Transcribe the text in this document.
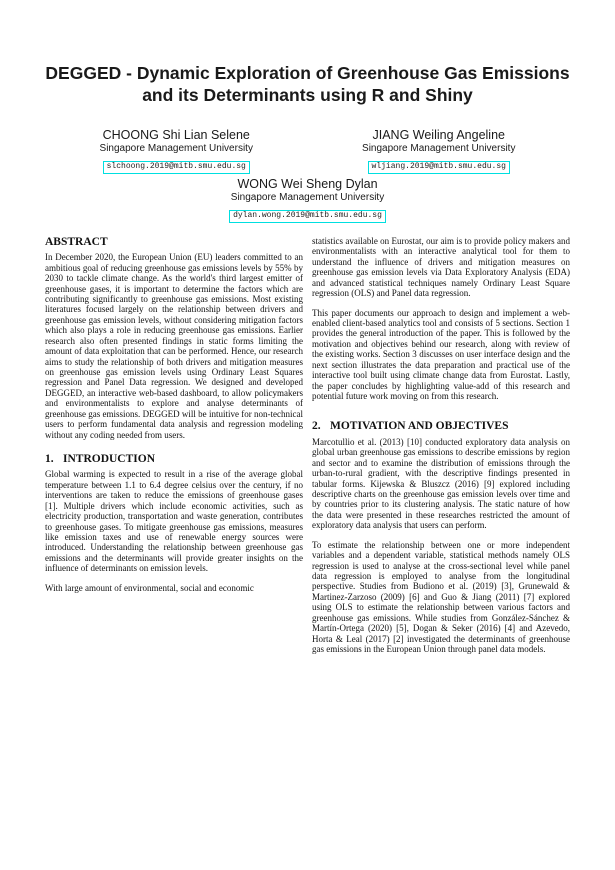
DEGGED - Dynamic Exploration of Greenhouse Gas Emissions and its Determinants using R and Shiny
CHOONG Shi Lian Selene
Singapore Management University
slchoong.2019@mitb.smu.edu.sg
JIANG Weiling Angeline
Singapore Management University
wljiang.2019@mitb.smu.edu.sg
WONG Wei Sheng Dylan
Singapore Management University
dylan.wong.2019@mitb.smu.edu.sg
ABSTRACT

In December 2020, the European Union (EU) leaders committed to an ambitious goal of reducing greenhouse gas emissions levels by 55% by 2030 to tackle climate change. As the world's third largest emitter of greenhouse gases, it is important to determine the factors which are contributing significantly to greenhouse gas emissions. Most existing literatures focused largely on the relationship between drivers and greenhouse gas emission levels, without considering mitigation factors which also plays a role in reducing greenhouse gas emissions. Earlier research also often presented findings in static forms limiting the amount of data exploitation that can be performed. Hence, our research aims to study the relationship of both drivers and mitigation measures on greenhouse gas emission levels using Ordinary Least Squares regression and Panel Data regression. We designed and developed DEGGED, an interactive web-based dashboard, to allow policymakers and environmentalists to explore and analyse determinants of greenhouse gas emissions. DEGGED will be intuitive for non-technical users to perform fundamental data analysis and regression modeling without any coding needed from users.

1. INTRODUCTION

Global warming is expected to result in a rise of the average global temperature between 1.1 to 6.4 degree celsius over the century, if no interventions are taken to reduce the emissions of greenhouse gases [1]. Multiple drivers which include economic activities, such as electricity production, transportation and waste generation, contributes to greenhouse gases. To mitigate greenhouse gas emissions, measures like emission taxes and use of renewable energy sources were introduced. Understanding the relationship between greenhouse gas emissions and the determinants will provide greater insights on the influence of determinants on emission levels.

With large amount of environmental, social and economic

statistics available on Eurostat, our aim is to provide policy makers and environmentalists with an interactive analytical tool for them to understand the influence of drivers and mitigation measures on greenhouse gas emission levels via Data Exploratory Analysis (EDA) and advanced statistical techniques namely Ordinary Least Square regression (OLS) and Panel data regression.

This paper documents our approach to design and implement a web-enabled client-based analytics tool and consists of 5 sections. Section 1 provides the general introduction of the paper. This is followed by the motivation and objectives behind our research, along with review of the existing works. Section 3 discusses on user interface design and the next section illustrates the data preparation and practical use of the interactive tool built using climate change data from Eurostat. Lastly, the paper concludes by highlighting value-add of this research and potential future work moving on from this research.

2. MOTIVATION AND OBJECTIVES

Marcotullio et al. (2013) [10] conducted exploratory data analysis on global urban greenhouse gas emissions to describe emissions by region and sector and to examine the distribution of emissions through the urban-to-rural gradient, with the descriptive findings presented in tabular forms. Kijewska & Bluszcz (2016) [9] explored including descriptive charts on the greenhouse gas emission levels over time and by countries prior to its clustering analysis. The static nature of how the data were presented in these researches restricted the amount of exploratory data analysis that users can perform.

To estimate the relationship between one or more independent variables and a dependent variable, statistical methods namely OLS regression is used to analyse at the cross-sectional level while panel data regression is employed to analyse from the longitudinal perspective. Studies from Budiono et al. (2019) [3], Grunewald & Martinez-Zarzoso (2009) [6] and Guo & Jiang (2011) [7] explored using OLS to estimate the relationship between various factors and greenhouse gas emissions. While studies from González-Sánchez & Martín-Ortega (2020) [5], Dogan & Seker (2016) [4] and Azevedo, Horta & Leal (2017) [2] investigated the determinants of greenhouse gas emissions in the European Union through panel data models.
